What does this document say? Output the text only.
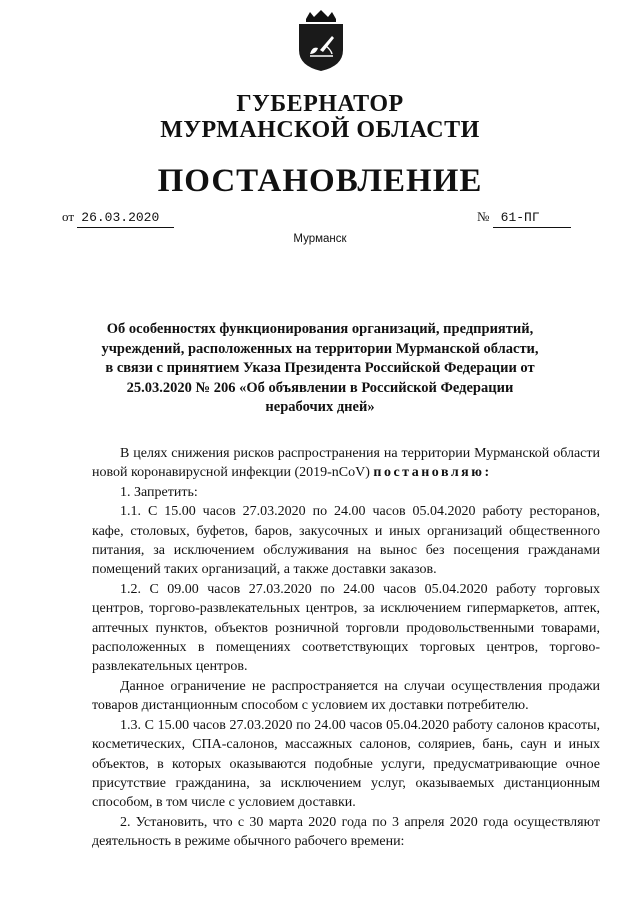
ГУБЕРНАТОР
МУРМАНСКОЙ ОБЛАСТИ
ПОСТАНОВЛЕНИЕ
от 26.03.2020	№ 61-ПГ
Мурманск
Об особенностях функционирования организаций, предприятий, учреждений, расположенных на территории Мурманской области, в связи с принятием Указа Президента Российской Федерации от 25.03.2020 № 206 «Об объявлении в Российской Федерации нерабочих дней»

В целях снижения рисков распространения на территории Мурманской области новой коронавирусной инфекции (2019-nCoV) постановляю:

1. Запретить:

1.1. С 15.00 часов 27.03.2020 по 24.00 часов 05.04.2020 работу ресторанов, кафе, столовых, буфетов, баров, закусочных и иных организаций общественного питания, за исключением обслуживания на вынос без посещения гражданами помещений таких организаций, а также доставки заказов.

1.2. С 09.00 часов 27.03.2020 по 24.00 часов 05.04.2020 работу торговых центров, торгово-развлекательных центров, за исключением гипермаркетов, аптек, аптечных пунктов, объектов розничной торговли продовольственными товарами, расположенных в помещениях соответствующих торговых центров, торгово-развлекательных центров.

Данное ограничение не распространяется на случаи осуществления продажи товаров дистанционным способом с условием их доставки потребителю.

1.3. С 15.00 часов 27.03.2020 по 24.00 часов 05.04.2020 работу салонов красоты, косметических, СПА-салонов, массажных салонов, соляриев, бань, саун и иных объектов, в которых оказываются подобные услуги, предусматривающие очное присутствие гражданина, за исключением услуг, оказываемых дистанционным способом, в том числе с условием доставки.

2. Установить, что с 30 марта 2020 года по 3 апреля 2020 года осуществляют деятельность в режиме обычного рабочего времени:
